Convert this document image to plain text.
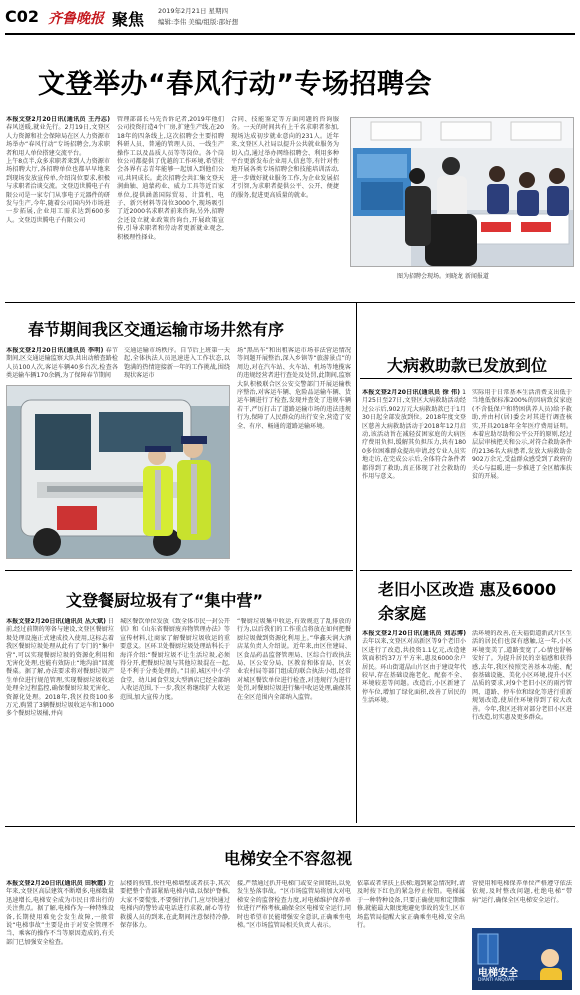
C02 齐鲁晚报 聚焦 2019年2月21日 星期四
编辑:李伟 美编/组版:邵好想
文登举办“春风行动”专场招聘会
本报文登2月20日讯(通讯员 王丹志) 春风送暖,就业先行。2月19日,文登区人力资源和社会保障局在区人力资源市场举办“春风行动”专场招聘会,为求职者和用人单位搭建交流平台。
上午8点半,众多求职者来到人力资源市场招聘大厅,各招聘单位也都早早地来到现场发放宣传单,介绍岗位要求,积极与求职者洽谈交流。文登迈世腾电子有限公司是一家专门从事电子元器件的研发与生产,今年,随着公司国内外市场进一步拓展,企业用工需求达到600多人。文登迈世腾电子有限公司
管理部部长马先吾诉记者,2019年他们公司投资打造4个厂房,扩建生产线,在2018年的四条线上,这次招聘会主要招聘科研人员、普通的管理人员、一线生产操作工以及品质人员等等岗位。各个岗位公司都提供了优越的工作环境,希望社会各界有志青年能够一起加入到他们公司,共同成长。此次招聘会共汇集文登天润曲轴、迪蒙药业、威力工具等近百家单位,提供涵盖国际贸易、计算机、电子、新兴材料等岗位3000个,现场吸引了近2000名求职者前来咨询,另外,招聘会还设立就业政策咨询台,开展政策宣传,引导求职者和劳动者更新就业观念,积极理性择业。
合同、技能鉴定等方面问题的咨询服务。一天的时间共有上千名求职者参加,现场达成初步就业意向的231人。近年来,文登区人社局以提升公共就业服务为切入点,通过举办网络招聘会、利用多种平台更新发布企业用人信息等,有针对性地开展各类专场招聘会和技能培训活动,进一步做好就业服务工作,为企业发展招才引智,为求职者提供公平、公开、便捷的服务,促进更高质量的就业。
图为招聘会现场。刘晓龙 新闻报道
春节期间我区交通运输市场井然有序
本报文登2月20日讯(通讯员 李明) 春节期间,区交通运输监察大队共出动稽查路检人员100人次,客运车辆40多台次,检查各类运输车辆170余辆,为了保障春节期间
交通运输市场秩序。自节后上班第一天起,全体执法人员迅速进入工作状态,以饱满的热情迎接新一年的工作挑战,围绕现状客运市
场“黑出车”和出租客运市场非法营运情况等问题开展整治,深入乡镇等“旅游景点”的周边,对在汽车站、火车站、机场等地揽客的违规经营者进行查处及处罚,此期间,监察大队积极联合区公安交警部门开展运输秩序整治,对客运车辆、危险品运输车辆、货运车辆进行了检查,发现并查处了违规车辆若干,严厉打击了道路运输市场的违法违规行为,保障了人民群众的出行安全,营造了安全、有序、畅通的道路运输环境。
大病救助款已发放到位
本报文登2月20日讯(通讯员 徐 伟) 1月25日至27日,文登区大病救助活动经过公示后,902万元大病救助款已于1月30日起全部发放到位。2018年度文登区慈善大病救助活动于2018年12月启动,该活动旨在减轻贫困家庭的大病医疗费用负担,缓解其负担压力,共有1800多位困难群众提出申请,经专业人员实地走访,在完成公示后,全体符合条件者都得到了救助,真正体现了社会救助的作用与意义。
实际用于日常基本生活消费支出低于当地低保标准200%的因病致贫家庭(不含低保户和特困供养人员)给予救助,并由村(居)委会对其进行调查核实,开具2018年全年医疗费用证明。本着应助尽助和公平公开的原则,经过层层审核把关和公示,对符合救助条件的2136名大病患者,发放大病救助金902万余元,受益群众感受到了政府的关心与温暖,进一步推进了全区精准扶贫的开展。
文登餐厨垃圾有了“集中营”
本报文登2月20日讯(通讯员 丛大斌) 日前,经过前期的筹备与建设,文登区餐厨垃圾处理设施正式建成投入使用,这标志着我区餐厨垃圾处理从此有了专门的“集中营”,可以实现餐厨垃圾的资源化利用和无害化处理,也能有效防止“地沟油”回流餐桌。据了解,办法要求将对餐厨垃圾产生单位进行规范管理,实现餐厨垃圾收运处理全过程监控,确保餐厨垃圾无害化、资源化处理。2018年,我区投资100多万元,购置了3辆餐厨垃圾收运车和1000多个餐厨垃圾桶,并向
城区餐饮单位发放《致全体市民一封公开信》和《山东省餐厨废弃物管理办法》等宣传材料,让商家了解餐厨垃圾收运的重要意义。区环卫处餐厨垃圾处理站科长于海洋介绍:“餐厨垃圾不让生活垃圾,必须得分开,把餐厨垃圾与其他垃圾混在一起,是不利于分类处理的。”目前,城区中小学食堂、幼儿园食堂及大型酒店已经全部纳入收运范围,下一步,我区将继续扩大收运范围,加大宣传力度。
“餐厨垃圾集中收运,有效规范了乱排放的行为,以后我们的工作重点将放在如何把餐厨垃圾做到资源化利用上。”华鑫天润大酒店某负责人介绍说。近年来,由区住建局、区食品药品监督管理局、区综合行政执法局、区公安分局、区教育和体育局、区农业农村局等部门组成的联合执法小组,经常对城区餐饮单位进行检查,对违规行为进行处罚,对餐厨垃圾进行集中收运处理,确保其在全区范围内全部纳入监管。
老旧小区改造 惠及6000余家庭
本报文登2月20日讯(通讯员 刘志博) 去年以来,文登区对高新区等9个老旧小区进行了改造,共投资1.1亿元,改造建筑面积约37万平方米,惠及6000余户居民。环山街道晶山片区由于建设年代较早,存在基础设施老化、配套不全、环境较差等问题。改造后,小区新建了停车位,增加了绿化面积,改善了居民的生活环境。
活环境的改善,在天福街道新武片区生活的居民们也深有感触,这一年,小区环境变美了,道路变宽了,心情也舒畅安好了。为提升居民的幸福感和获得感,去年,我区按照完善基本功能、配套基础设施、美化小区环境,提升小区品质的要求,对9个老旧小区的雨污管网、道路、停车位和绿化等进行重新规划改造,使居住环境得到了较大改善。今年,我区还将对部分老旧小区进行改造,切实惠及更多群众。
电梯安全不容忽视
本报文登2月20日讯(通讯员 田秋霞) 近年来,文登区高层建筑不断增多,电梯数量迅速增长,电梯安全成为市民日常出行的关注焦点。据了解,电梯作为一种特殊设备,长期使用难免会发生故障,一般常说“电梯事故”主要是由于对安全管理不当、乘客的操作不当等原因造成的,有关部门已加强安全检查。
层楼的按钮,快往电梯墙壁或者扶手,其次要把整个背部紧贴电梯内墙,以保护脊椎,大家不要慌张,不要强行扒门,应尽快通过电梯内的警铃或电话进行求救,耐心等待救援人员的到来,在此期间注意保持冷静,保存体力。
接,严禁通过扒开电梯门或安全窗爬出,以免发生坠落事故。“区市场监管局将加大对电梯安全的监督检查力度,对电梯维护保养单位进行严格考核,确保全区电梯安全运行,同时也希望市民能增强安全意识,正确乘坐电梯。”区市场监管局相关负责人表示。
依靠或者拿扶上扶梯;遇到紧急情况时,请及时按下红色的紧急停止按钮。电梯属于一种特种设备,只要正确使用和定期维修,就能最大限度地避免事故的发生,区市场监管局提醒大家正确乘坐电梯,安全出行。
营使用和电梯保养单位严格遵守依法依规,及时整改问题,杜绝电梯“带病”运行,确保全区电梯安全运行。
电梯安全
DIANTI ANQUAN
